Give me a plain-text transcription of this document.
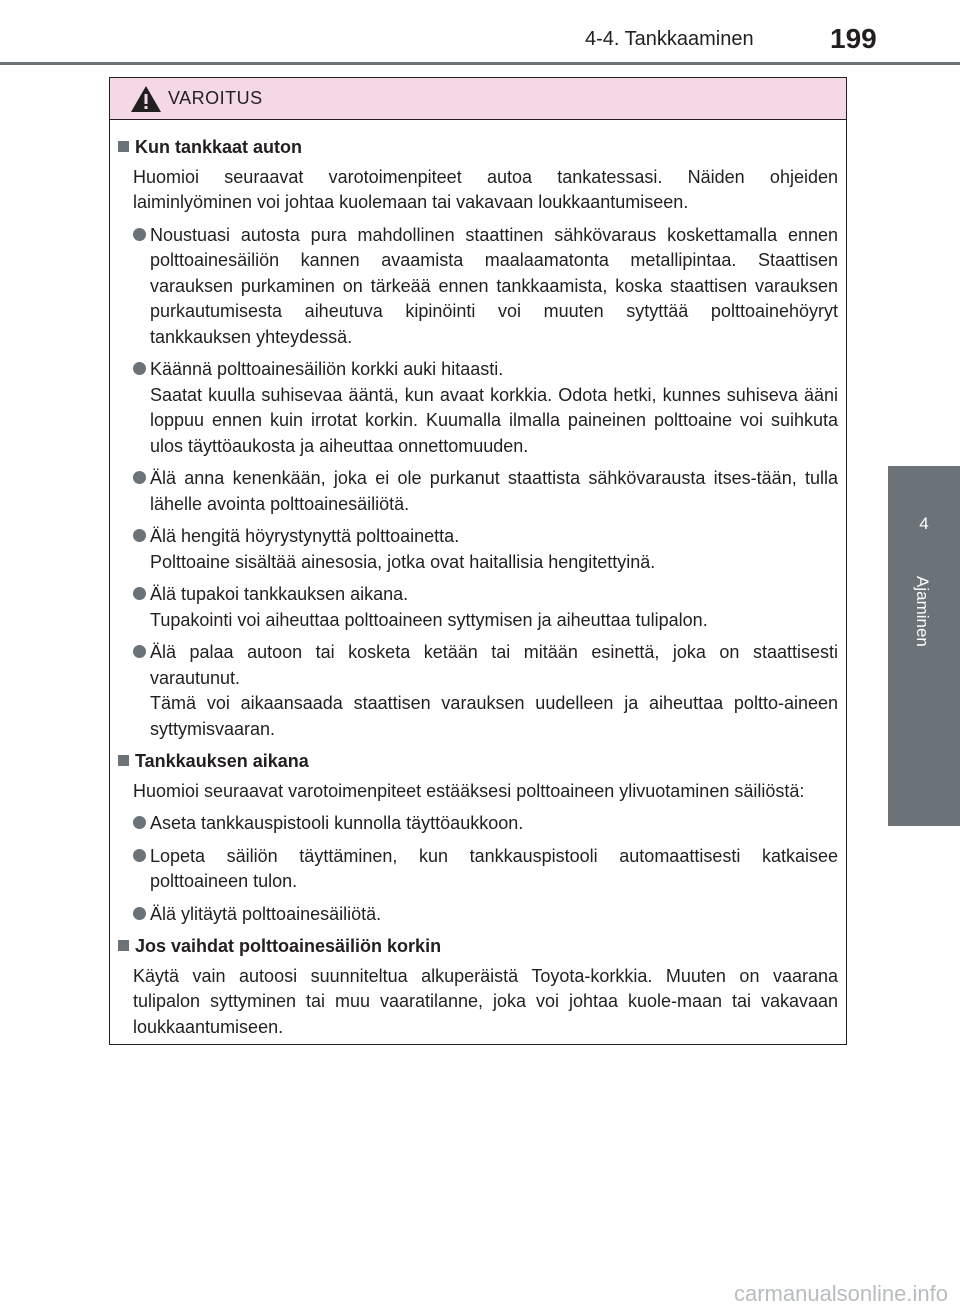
4-4. Tankkaaminen	199
4
Ajaminen
VAROITUS
Kun tankkaat auton
Huomioi seuraavat varotoimenpiteet autoa tankatessasi. Näiden ohjeiden laiminlyöminen voi johtaa kuolemaan tai vakavaan loukkaantumiseen.
Noustuasi autosta pura mahdollinen staattinen sähkövaraus koskettamalla ennen polttoainesäiliön kannen avaamista maalaamatonta metallipintaa. Staattisen varauksen purkaminen on tärkeää ennen tankkaamista, koska staattisen varauksen purkautumisesta aiheutuva kipinöinti voi muuten sytyttää polttoainehöyryt tankkauksen yhteydessä.
Käännä polttoainesäiliön korkki auki hitaasti.
Saatat kuulla suhisevaa ääntä, kun avaat korkkia. Odota hetki, kunnes suhiseva ääni loppuu ennen kuin irrotat korkin. Kuumalla ilmalla paineinen polttoaine voi suihkuta ulos täyttöaukosta ja aiheuttaa onnettomuuden.
Älä anna kenenkään, joka ei ole purkanut staattista sähkövarausta itses-tään, tulla lähelle avointa polttoainesäiliötä.
Älä hengitä höyrystynyttä polttoainetta.
Polttoaine sisältää ainesosia, jotka ovat haitallisia hengitettyinä.
Älä tupakoi tankkauksen aikana.
Tupakointi voi aiheuttaa polttoaineen syttymisen ja aiheuttaa tulipalon.
Älä palaa autoon tai kosketa ketään tai mitään esinettä, joka on staattisesti varautunut.
Tämä voi aikaansaada staattisen varauksen uudelleen ja aiheuttaa poltto-aineen syttymisvaaran.
Tankkauksen aikana
Huomioi seuraavat varotoimenpiteet estääksesi polttoaineen ylivuotaminen säiliöstä:
Aseta tankkauspistooli kunnolla täyttöaukkoon.
Lopeta säiliön täyttäminen, kun tankkauspistooli automaattisesti katkaisee polttoaineen tulon.
Älä ylitäytä polttoainesäiliötä.
Jos vaihdat polttoainesäiliön korkin
Käytä vain autoosi suunniteltua alkuperäistä Toyota-korkkia. Muuten on vaarana tulipalon syttyminen tai muu vaaratilanne, joka voi johtaa kuole-maan tai vakavaan loukkaantumiseen.
carmanualsonline.info
